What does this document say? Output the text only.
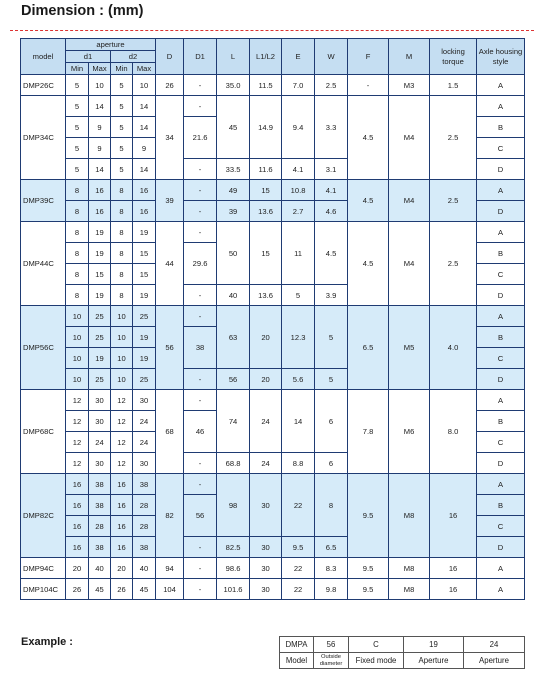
Dimension : (mm)
model	aperture				D	D1	L	L1/L2	E	W	F	M	locking torque	Axle housing style
	d1		d2											
	Min	Max	Min	Max										
DMP26C	5	10	5	10	26	-	35.0	11.5	7.0	2.5	-	M3	1.5	A
DMP34C	5	14	5	14	34	-	45	14.9	9.4	3.3	4.5	M4	2.5	A
	5	9	5	14		21.6								B
	5	9	5	9										C
	5	14	5	14		-	33.5	11.6	4.1	3.1				D
DMP39C	8	16	8	16	39	-	49	15	10.8	4.1	4.5	M4	2.5	A
	8	16	8	16		-	39	13.6	2.7	4.6				D
DMP44C	8	19	8	19	44	-	50	15	11	4.5	4.5	M4	2.5	A
	8	19	8	15		29.6								B
	8	15	8	15										C
	8	19	8	19		-	40	13.6	5	3.9				D
DMP56C	10	25	10	25	56	-	63	20	12.3	5	6.5	M5	4.0	A
	10	25	10	19		38								B
	10	19	10	19										C
	10	25	10	25		-	56	20	5.6	5				D
DMP68C	12	30	12	30	68	-	74	24	14	6	7.8	M6	8.0	A
	12	30	12	24		46								B
	12	24	12	24										C
	12	30	12	30		-	68.8	24	8.8	6				D
DMP82C	16	38	16	38	82	-	98	30	22	8	9.5	M8	16	A
	16	38	16	28		56								B
	16	28	16	28										C
	16	38	16	38		-	82.5	30	9.5	6.5				D
DMP94C	20	40	20	40	94	-	98.6	30	22	8.3	9.5	M8	16	A
DMP104C	26	45	26	45	104	-	101.6	30	22	9.8	9.5	M8	16	A
Example :	DMPA	56	C	19	24
Model	Outside diameter	Fixed mode	Aperture	Aperture
